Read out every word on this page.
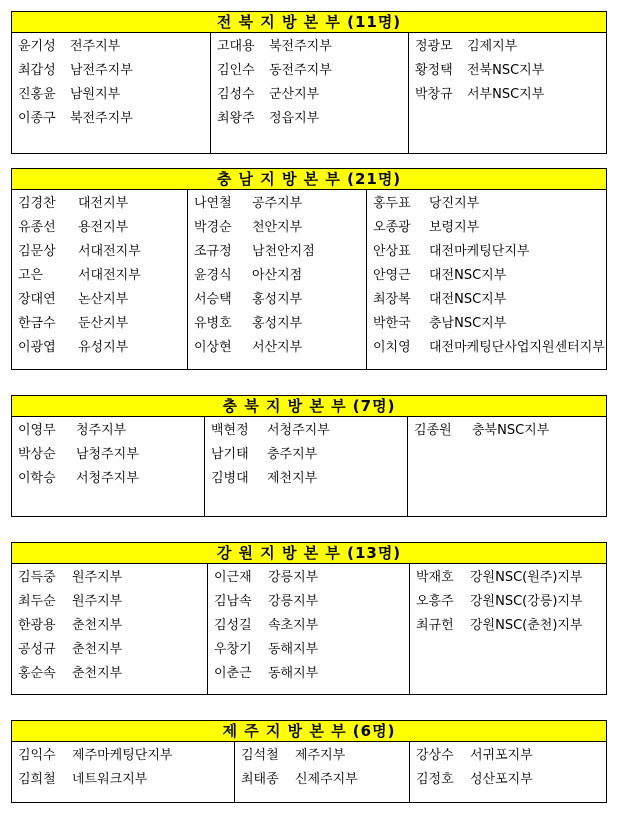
전 북 지 방 본 부 (11명)
윤기성 전주지부
최갑성 남전주지부
진홍윤 남원지부
이종구 북전주지부
고대용 북전주지부
김인수 동전주지부
김성수 군산지부
최왕주 정읍지부
정광모 김제지부
황정택 전북NSC지부
박창규 서부NSC지부
충 남 지 방 본 부 (21명)
김경찬 대전지부
유종선 용전지부
김문상 서대전지부
고은	서대전지부
장대연 논산지부
한금수 둔산지부
이광엽 유성지부
나연철 공주지부
박경순 천안지부
조규정 남천안지점
윤경식 아산지점
서승택 홍성지부
유병호 홍성지부
이상현 서산지부
홍두표 당진지부
오종광 보령지부
안상표 대전마케팅단지부
안영근 대전NSC지부
최장복 대전NSC지부
박한국 충남NSC지부
이치영 대전마케팅단사업지원센터지부
충 북 지 방 본 부 (7명)
이영무 청주지부
박상순 남청주지부
이학승 서청주지부
백현정 서청주지부
남기태 충주지부
김병대 제천지부
김종원 충북NSC지부
강 원 지 방 본 부 (13명)
김득중 원주지부
최두순 원주지부
한광용 춘천지부
공성규 춘천지부
홍순속 춘천지부
이근재 강릉지부
김남속 강릉지부
김성길 속초지부
우창기 동해지부
이춘근 동해지부
박재호 강원NSC(원주)지부
오흥주 강원NSC(강릉)지부
최규헌 강원NSC(춘천)지부
제 주 지 방 본 부 (6명)
김익수 제주마케팅단지부
김희철 네트워크지부
김석철 제주지부
최태종 신제주지부
강상수 서귀포지부
김정호 성산포지부
